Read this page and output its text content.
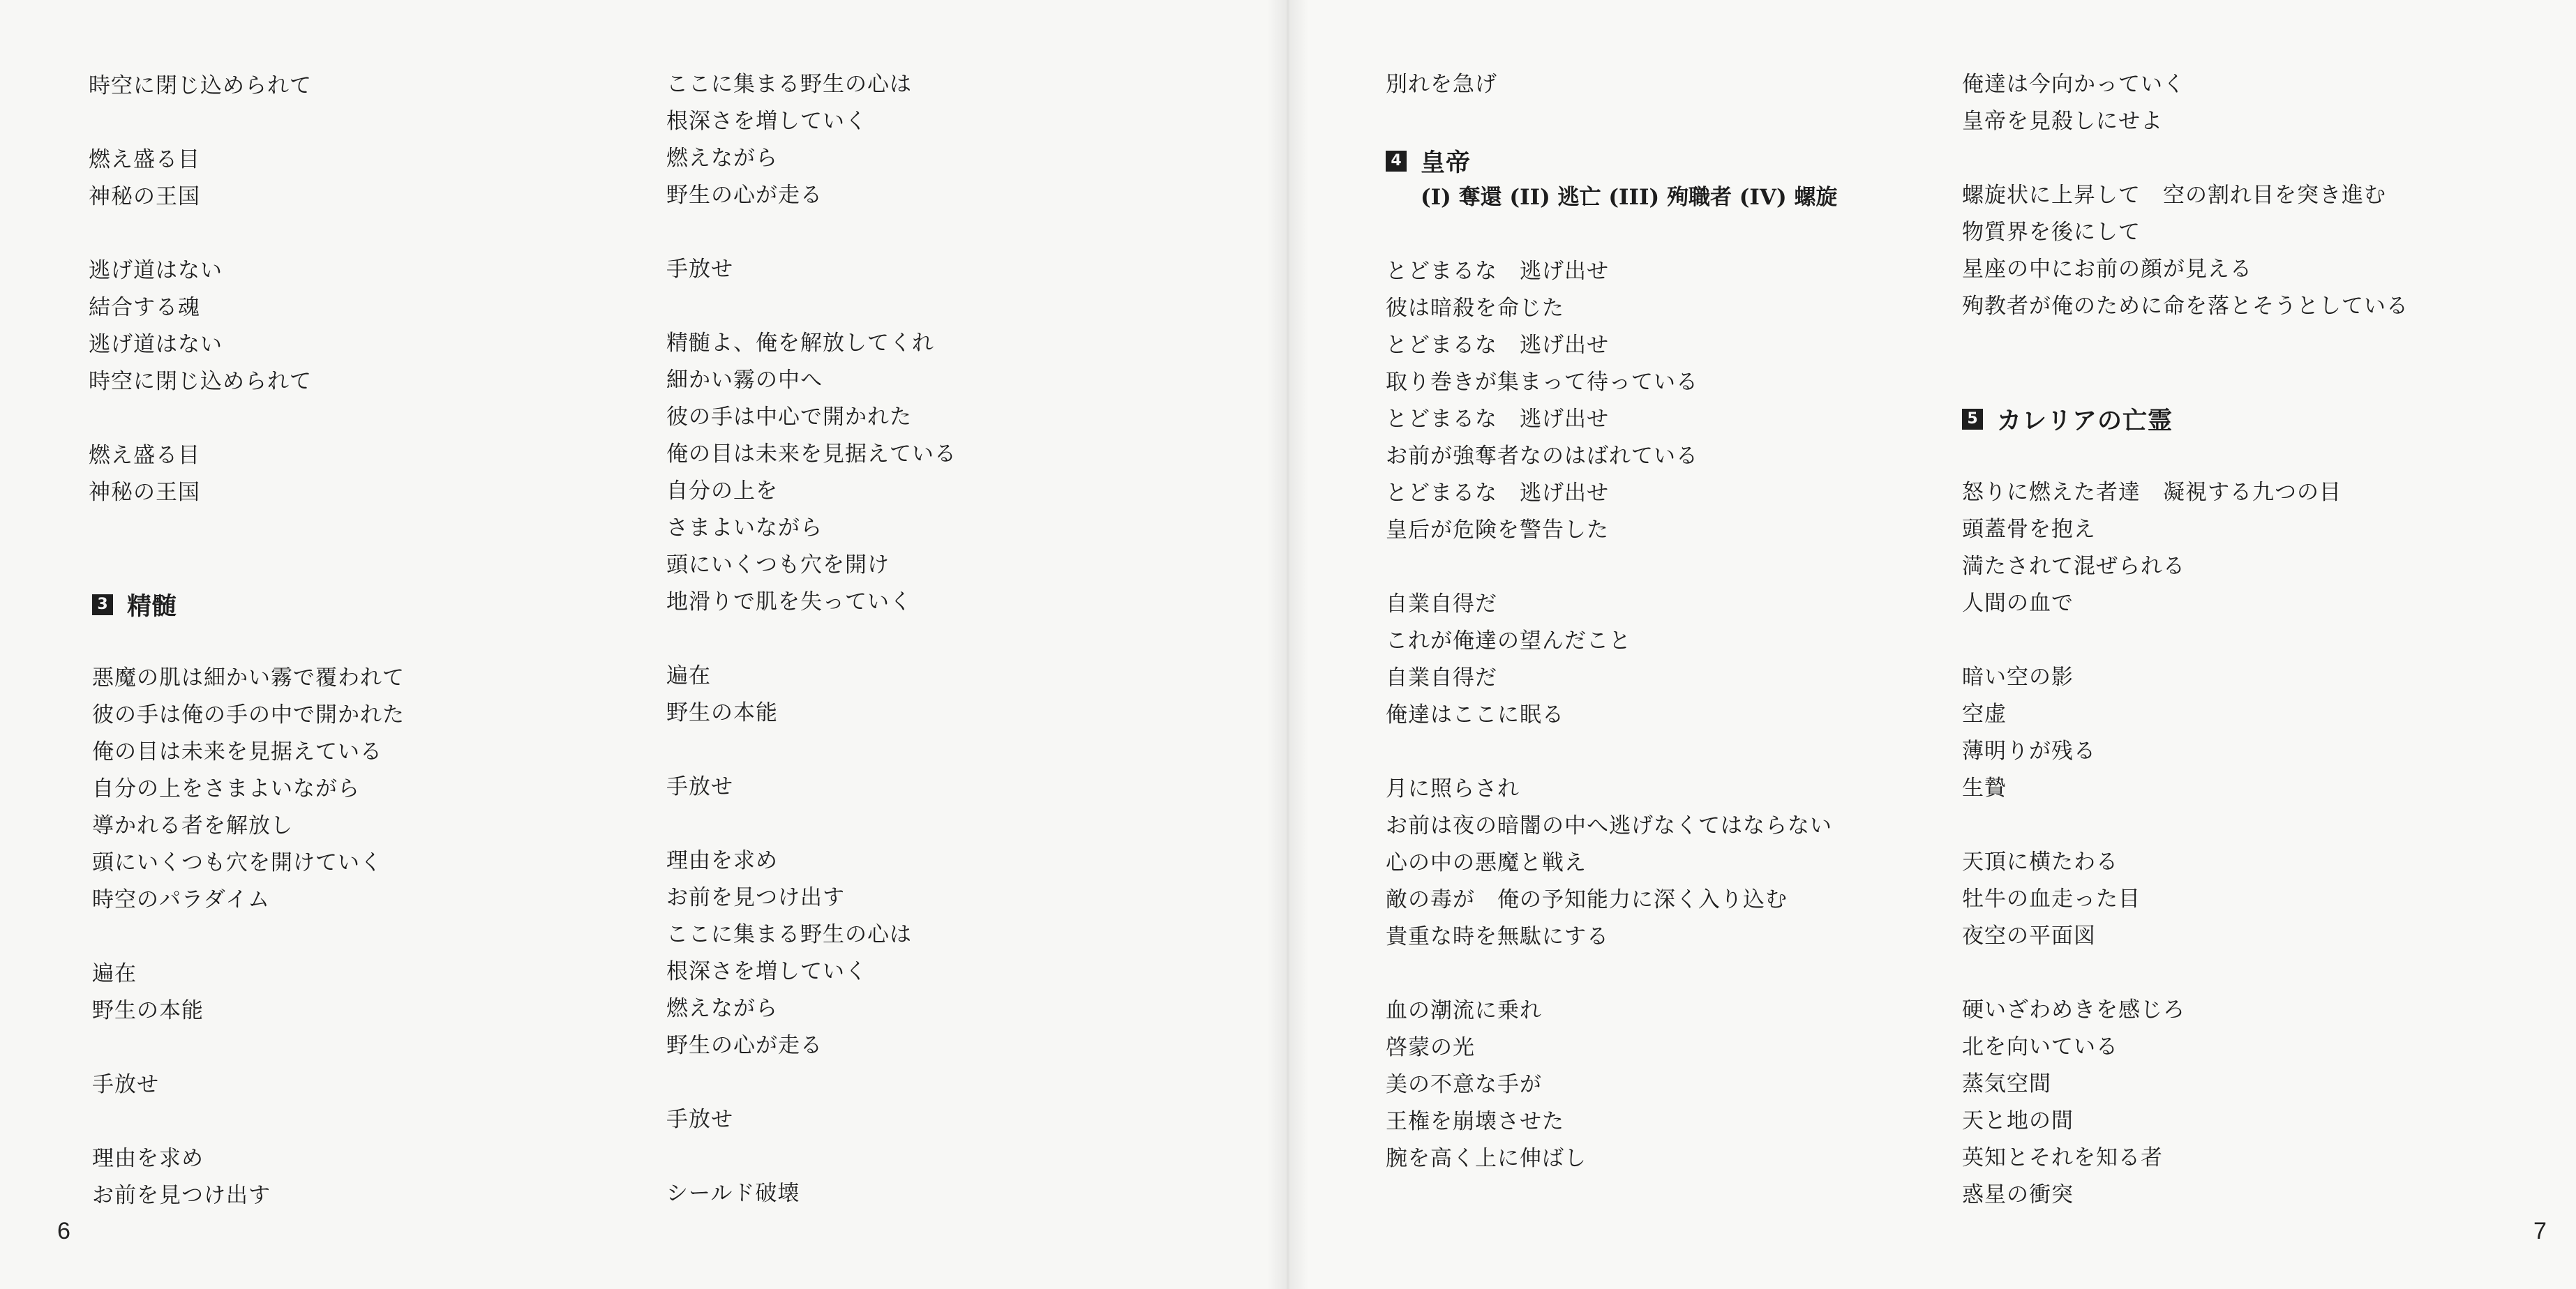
時空に閉じ込められて
燃え盛る目
神秘の王国
逃げ道はない
結合する魂
逃げ道はない
時空に閉じ込められて
燃え盛る目
神秘の王国
3 精髄
悪魔の肌は細かい霧で覆われて
彼の手は俺の手の中で開かれた
俺の目は未来を見据えている
自分の上をさまよいながら
導かれる者を解放し
頭にいくつも穴を開けていく
時空のパラダイム
遍在
野生の本能
手放せ
理由を求め
お前を見つけ出す
ここに集まる野生の心は
根深さを増していく
燃えながら
野生の心が走る
手放せ
精髄よ、俺を解放してくれ
細かい霧の中へ
彼の手は中心で開かれた
俺の目は未来を見据えている
自分の上を
さまよいながら
頭にいくつも穴を開け
地滑りで肌を失っていく
遍在
野生の本能
手放せ
理由を求め
お前を見つけ出す
ここに集まる野生の心は
根深さを増していく
燃えながら
野生の心が走る
手放せ
シールド破壊
6
別れを急げ
4 皇帝
(I) 奪還 (II) 逃亡 (III) 殉職者 (IV) 螺旋
とどまるな　逃げ出せ
彼は暗殺を命じた
とどまるな　逃げ出せ
取り巻きが集まって待っている
とどまるな　逃げ出せ
お前が強奪者なのはばれている
とどまるな　逃げ出せ
皇后が危険を警告した
自業自得だ
これが俺達の望んだこと
自業自得だ
俺達はここに眠る
月に照らされ
お前は夜の暗闇の中へ逃げなくてはならない
心の中の悪魔と戦え
敵の毒が　俺の予知能力に深く入り込む
貴重な時を無駄にする
血の潮流に乗れ
啓蒙の光
美の不意な手が
王権を崩壊させた
腕を高く上に伸ばし
俺達は今向かっていく
皇帝を見殺しにせよ
螺旋状に上昇して　空の割れ目を突き進む
物質界を後にして
星座の中にお前の顔が見える
殉教者が俺のために命を落とそうとしている
5 カレリアの亡霊
怒りに燃えた者達　凝視する九つの目
頭蓋骨を抱え
満たされて混ぜられる
人間の血で
暗い空の影
空虚
薄明りが残る
生贄
天頂に横たわる
牡牛の血走った目
夜空の平面図
硬いざわめきを感じろ
北を向いている
蒸気空間
天と地の間
英知とそれを知る者
惑星の衝突
7
